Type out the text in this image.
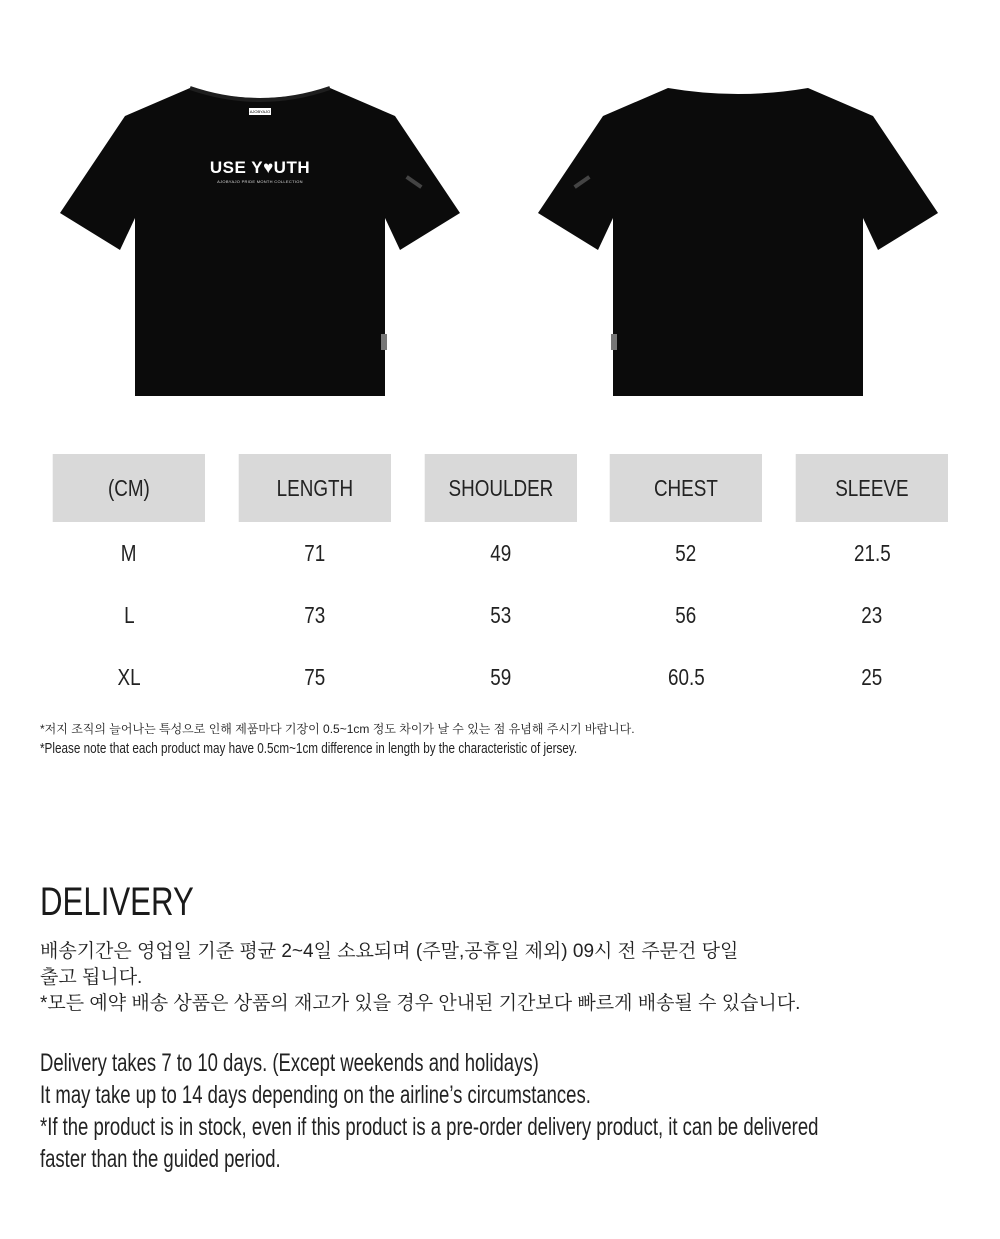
AJOBYAJO
USE Y♥UTH
AJOBYAJO PRIDE MONTH COLLECTION
(CM)	LENGTH	SHOULDER	CHEST	SLEEVE
M	71	49	52	21.5
L	73	53	56	23
XL	75	59	60.5	25
*저지 조직의 늘어나는 특성으로 인해 제품마다 기장이 0.5~1cm 정도 차이가 날 수 있는 점 유념해 주시기 바랍니다.
*Please note that each product may have 0.5cm~1cm difference in length by the characteristic of jersey.
DELIVERY
배송기간은 영업일 기준 평균 2~4일 소요되며 (주말,공휴일 제외) 09시 전 주문건 당일
출고 됩니다.
*모든 예약 배송 상품은 상품의 재고가 있을 경우 안내된 기간보다 빠르게 배송될 수 있습니다.
Delivery takes 7 to 10 days. (Except weekends and holidays)
It may take up to 14 days depending on the airline’s circumstances.
*If the product is in stock, even if this product is a pre-order delivery product, it can be delivered
faster than the guided period.
